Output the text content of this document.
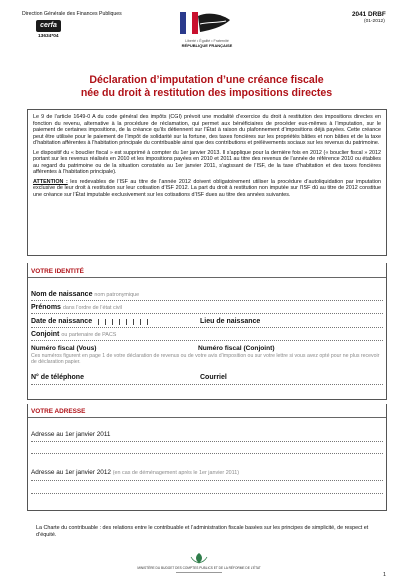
Direction Générale des Finances Publiques
cerfa
13634*04
Liberté • Égalité • Fraternité
RÉPUBLIQUE FRANÇAISE
2041 DRBF
(01-2012)
Déclaration d’imputation d’une créance fiscale
née du droit à restitution des impositions directes

Le 9 de l’article 1649-0 A du code général des impôts (CGI) prévoit une modalité d’exercice du droit à restitution des impositions directes en fonction du revenu, alternative à la procédure de réclamation, qui permet aux bénéficiaires de procéder eux-mêmes à l’imputation, sur le paiement de certaines impositions, de la créance qu’ils détiennent sur l’État à raison du plafonnement d’impositions déjà payées. Cette créance peut être utilisée pour le paiement de l’impôt de solidarité sur la fortune, des taxes foncières sur les propriétés bâties et non bâties et de la taxe d’habitation afférentes à l’habitation principale du contribuable ainsi que des contributions et prélèvements sociaux sur les revenus du patrimoine.

Le dispositif du « bouclier fiscal » est supprimé à compter du 1er janvier 2013. Il s’applique pour la dernière fois en 2012 (« bouclier fiscal » 2012 portant sur les revenus réalisés en 2010 et les impositions payées en 2010 et 2011 au titre des revenus de l’année de référence 2010 ou établies au regard du patrimoine ou de la situation constatés au 1er janvier 2011, s’agissant de l’ISF, de la taxe d’habitation et des taxes foncières afférentes à l’habitation principale).

ATTENTION : les redevables de l’ISF au titre de l’année 2012 doivent obligatoirement utiliser la procédure d’autoliquidation par imputation exclusive de leur droit à restitution sur leur cotisation d’ISF 2012. La part du droit à restitution non imputée sur l’ISF dû au titre de 2012 constitue une créance sur l’État imputable exclusivement sur les cotisations d’ISF dues au titre des années suivantes.

VOTRE IDENTITÉ
Nom de naissance nom patronymique
Prénoms dans l’ordre de l’état civil
Date de naissance	Lieu de naissance
Conjoint ou partenaire de PACS
Numéro fiscal (Vous)	Numéro fiscal (Conjoint)
Ces numéros figurent en page 1 de votre déclaration de revenus ou de votre avis d’imposition ou sur votre lettre si vous avez opté pour ne plus recevoir de déclaration papier.
N° de téléphone	Courriel
VOTRE ADRESSE
Adresse au 1er janvier 2011
Adresse au 1er janvier 2012 (en cas de déménagement après le 1er janvier 2011)
La Charte du contribuable : des relations entre le contribuable et l’administration fiscale basées sur les principes de simplicité, de respect et d’équité.
MINISTÈRE DU BUDGET DES COMPTES PUBLICS ET DE LA RÉFORME DE L’ÉTAT
1
